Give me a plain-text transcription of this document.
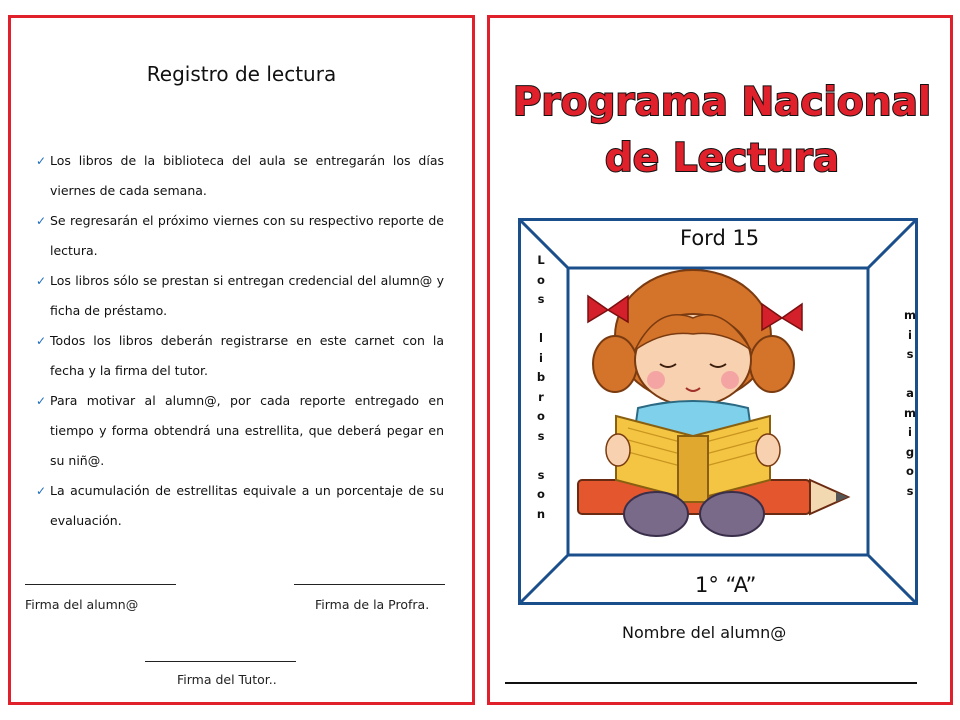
Registro de lectura
✓ Los libros de la biblioteca del aula se entregarán los días viernes de cada semana.
✓ Se regresarán el próximo viernes con su respectivo reporte de lectura.
✓ Los libros sólo se prestan si entregan credencial del alumn@ y ficha de préstamo.
✓ Todos los libros deberán registrarse en este carnet con la fecha y la firma del tutor.
✓ Para motivar al alumn@, por cada reporte entregado en tiempo y forma obtendrá una estrellita, que deberá pegar en su niñ@.
✓ La acumulación de estrellitas equivale a un porcentaje de su evaluación.
Firma del alumn@	Firma de la Profra.
Firma del Tutor..
Programa Nacional
de Lectura
Ford 15
1° “A”
L
o
s

l
i
b
r
o
s

s
o
n
m
i
s

a
m
i
g
o
s
Nombre del alumn@
